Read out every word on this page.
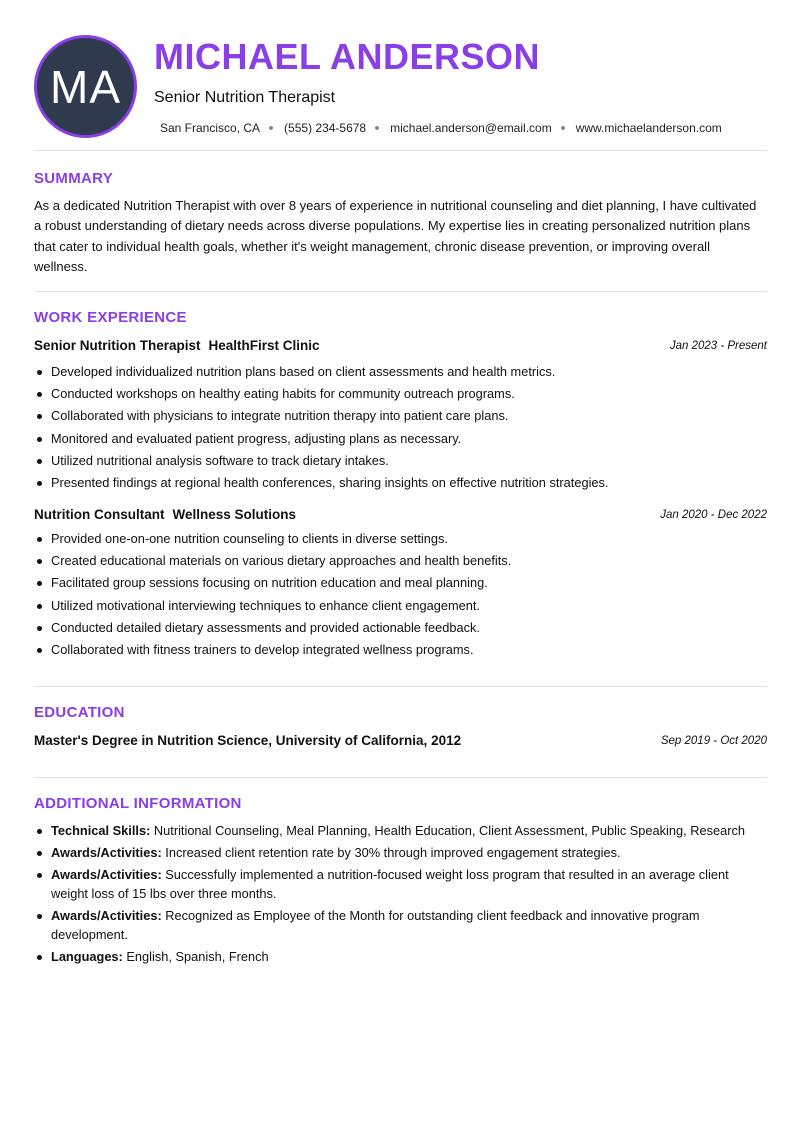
MA
MICHAEL ANDERSON
Senior Nutrition Therapist
San Francisco, CA (555) 234-5678 michael.anderson@email.com www.michaelanderson.com
SUMMARY

As a dedicated Nutrition Therapist with over 8 years of experience in nutritional counseling and diet planning, I have cultivated a robust understanding of dietary needs across diverse populations. My expertise lies in creating personalized nutrition plans that cater to individual health goals, whether it's weight management, chronic disease prevention, or improving overall wellness.

WORK EXPERIENCE
Senior Nutrition Therapist HealthFirst Clinic	Jan 2023 - Present
Developed individualized nutrition plans based on client assessments and health metrics.
Conducted workshops on healthy eating habits for community outreach programs.
Collaborated with physicians to integrate nutrition therapy into patient care plans.
Monitored and evaluated patient progress, adjusting plans as necessary.
Utilized nutritional analysis software to track dietary intakes.
Presented findings at regional health conferences, sharing insights on effective nutrition strategies.
Nutrition Consultant Wellness Solutions	Jan 2020 - Dec 2022
Provided one-on-one nutrition counseling to clients in diverse settings.
Created educational materials on various dietary approaches and health benefits.
Facilitated group sessions focusing on nutrition education and meal planning.
Utilized motivational interviewing techniques to enhance client engagement.
Conducted detailed dietary assessments and provided actionable feedback.
Collaborated with fitness trainers to develop integrated wellness programs.
EDUCATION
Master's Degree in Nutrition Science, University of California, 2012	Sep 2019 - Oct 2020
ADDITIONAL INFORMATION
Technical Skills: Nutritional Counseling, Meal Planning, Health Education, Client Assessment, Public Speaking, Research
Awards/Activities: Increased client retention rate by 30% through improved engagement strategies.
Awards/Activities: Successfully implemented a nutrition-focused weight loss program that resulted in an average client weight loss of 15 lbs over three months.
Awards/Activities: Recognized as Employee of the Month for outstanding client feedback and innovative program development.
Languages: English, Spanish, French
